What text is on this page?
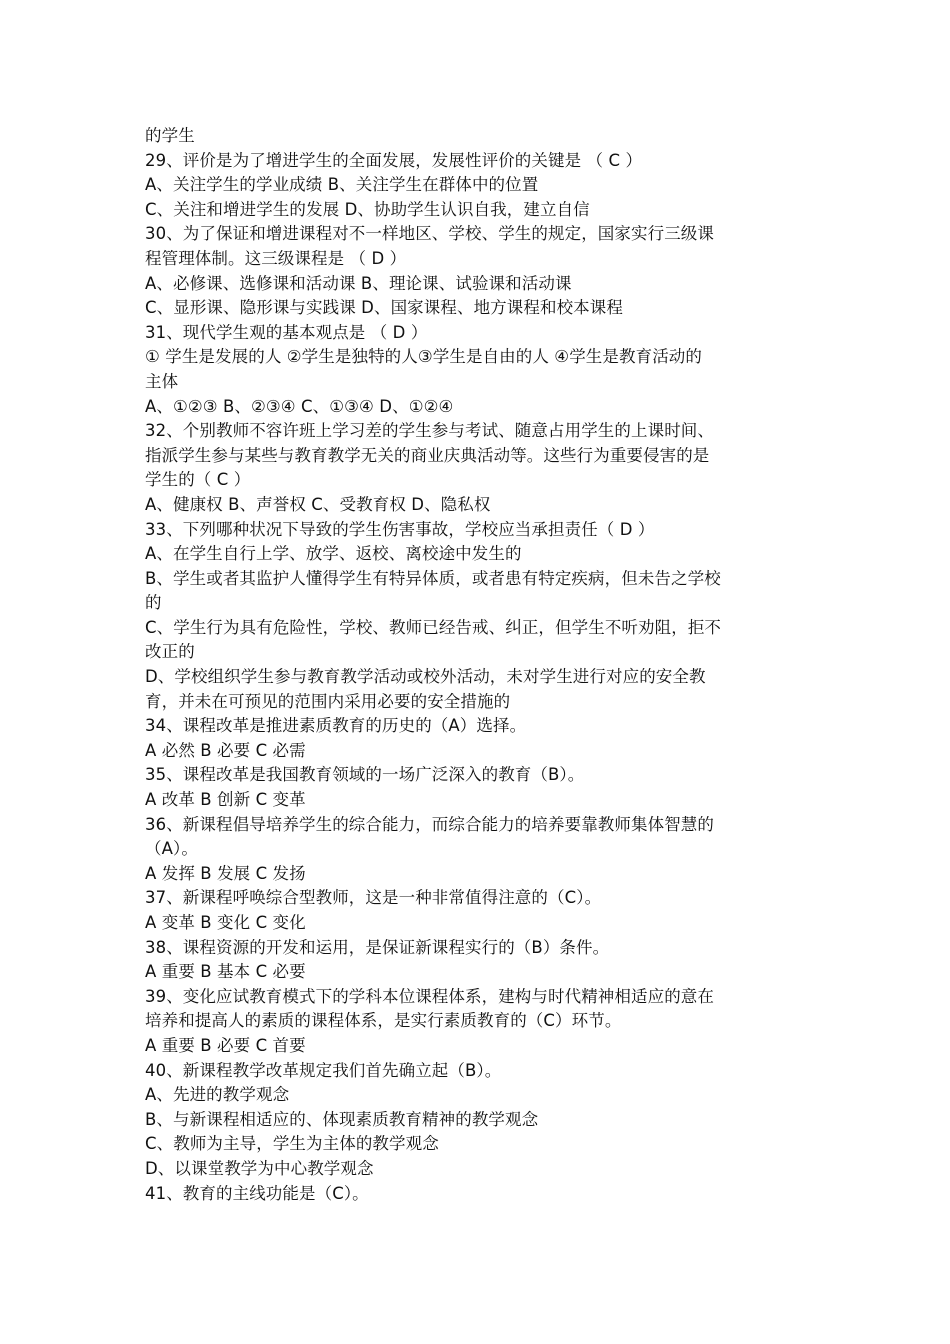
的学生
29、评价是为了增进学生的全面发展，发展性评价的关键是 （ C ）
A、关注学生的学业成绩 B、关注学生在群体中的位置
C、关注和增进学生的发展 D、协助学生认识自我，建立自信
30、为了保证和增进课程对不一样地区、学校、学生的规定，国家实行三级课
程管理体制。这三级课程是 （ D ）
A、必修课、选修课和活动课 B、理论课、试验课和活动课
C、显形课、隐形课与实践课 D、国家课程、地方课程和校本课程
31、现代学生观的基本观点是 （ D ）
① 学生是发展的人 ②学生是独特的人③学生是自由的人 ④学生是教育活动的
主体
A、①②③ B、②③④ C、①③④ D、①②④
32、个别教师不容许班上学习差的学生参与考试、随意占用学生的上课时间、
指派学生参与某些与教育教学无关的商业庆典活动等。这些行为重要侵害的是
学生的（ C ）
A、健康权 B、声誉权 C、受教育权 D、隐私权
33、下列哪种状况下导致的学生伤害事故，学校应当承担责任（ D ）
A、在学生自行上学、放学、返校、离校途中发生的
B、学生或者其监护人懂得学生有特异体质，或者患有特定疾病，但未告之学校
的
C、学生行为具有危险性，学校、教师已经告戒、纠正，但学生不听劝阻，拒不
改正的
D、学校组织学生参与教育教学活动或校外活动，未对学生进行对应的安全教
育，并未在可预见的范围内采用必要的安全措施的
34、课程改革是推进素质教育的历史的（A）选择。
A 必然 B 必要 C 必需
35、课程改革是我国教育领域的一场广泛深入的教育（B）。
A 改革 B 创新 C 变革
36、新课程倡导培养学生的综合能力，而综合能力的培养要靠教师集体智慧的
（A）。
A 发挥 B 发展 C 发扬
37、新课程呼唤综合型教师，这是一种非常值得注意的（C）。
A 变革 B 变化 C 变化
38、课程资源的开发和运用，是保证新课程实行的（B）条件。
A 重要 B 基本 C 必要
39、变化应试教育模式下的学科本位课程体系，建构与时代精神相适应的意在
培养和提高人的素质的课程体系，是实行素质教育的（C）环节。
A 重要 B 必要 C 首要
40、新课程教学改革规定我们首先确立起（B）。
A、先进的教学观念
B、与新课程相适应的、体现素质教育精神的教学观念
C、教师为主导，学生为主体的教学观念
D、以课堂教学为中心教学观念
41、教育的主线功能是（C）。
